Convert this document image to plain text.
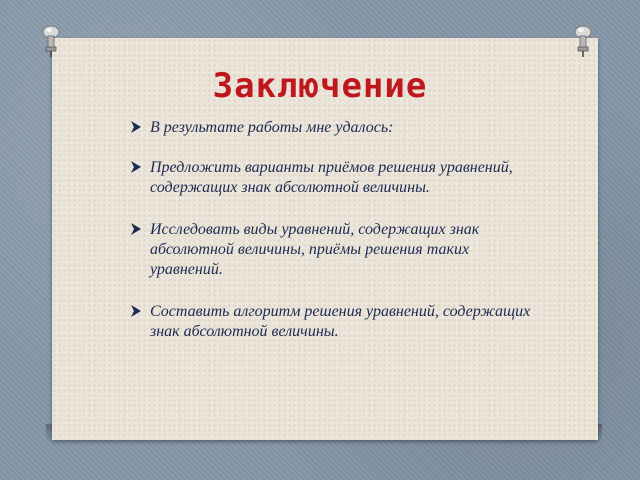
Заключение
В результате работы мне удалось:
Предложить варианты приёмов решения уравнений, содержащих знак абсолютной величины.
Исследовать виды уравнений, содержащих знак абсолютной величины, приёмы решения таких уравнений.
Составить алгоритм решения уравнений, содержащих знак абсолютной величины.
